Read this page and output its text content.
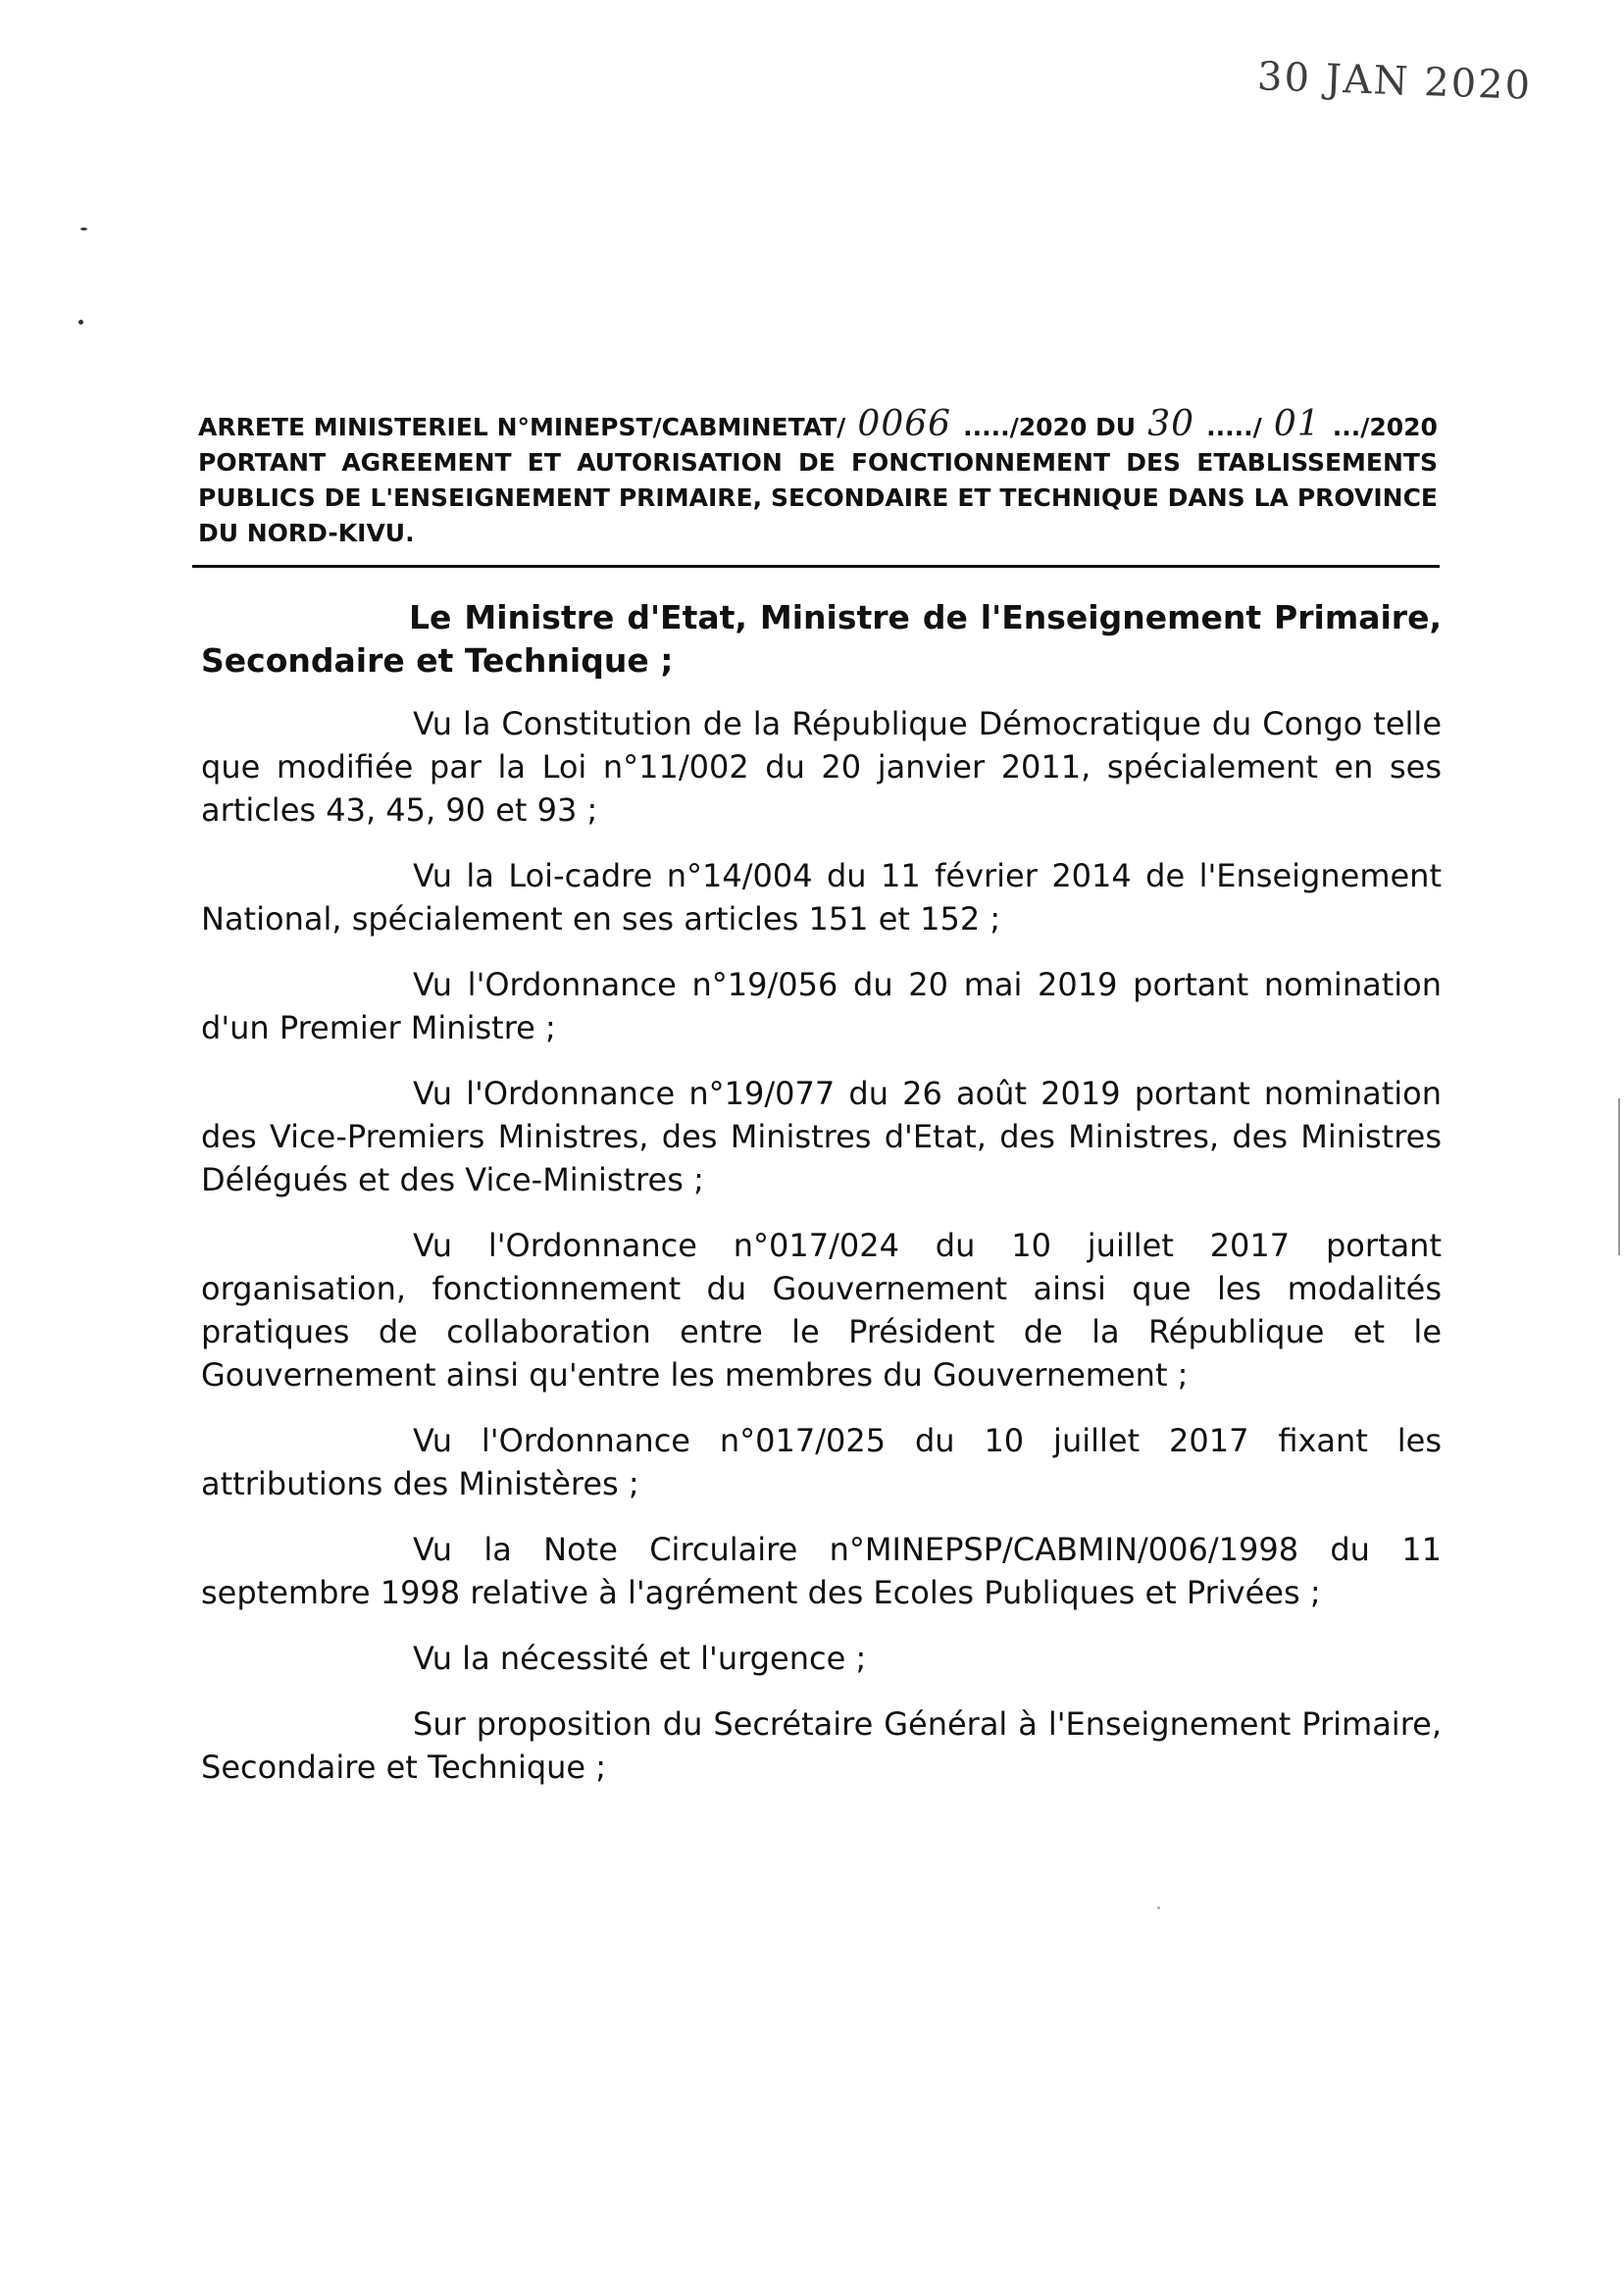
30 JAN 2020
ARRETE MINISTERIEL N°MINEPST/CABMINETAT/ 0066 ...../2020 DU 30 ...../ 01 .../2020
PORTANT AGREEMENT ET AUTORISATION DE FONCTIONNEMENT DES ETABLISSEMENTS PUBLICS DE L'ENSEIGNEMENT PRIMAIRE, SECONDAIRE ET TECHNIQUE DANS LA PROVINCE DU NORD-KIVU.

Le Ministre d'Etat, Ministre de l'Enseignement Primaire, Secondaire et Technique ;

Vu la Constitution de la République Démocratique du Congo telle que modifiée par la Loi n°11/002 du 20 janvier 2011, spécialement en ses articles 43, 45, 90 et 93 ;

Vu la Loi-cadre n°14/004 du 11 février 2014 de l'Enseignement National, spécialement en ses articles 151 et 152 ;

Vu l'Ordonnance n°19/056 du 20 mai 2019 portant nomination d'un Premier Ministre ;

Vu l'Ordonnance n°19/077 du 26 août 2019 portant nomination des Vice-Premiers Ministres, des Ministres d'Etat, des Ministres, des Ministres Délégués et des Vice-Ministres ;

Vu l'Ordonnance n°017/024 du 10 juillet 2017 portant organisation, fonctionnement du Gouvernement ainsi que les modalités pratiques de collaboration entre le Président de la République et le Gouvernement ainsi qu'entre les membres du Gouvernement ;

Vu l'Ordonnance n°017/025 du 10 juillet 2017 fixant les attributions des Ministères ;

Vu la Note Circulaire n°MINEPSP/CABMIN/006/1998 du 11 septembre 1998 relative à l'agrément des Ecoles Publiques et Privées ;

Vu la nécessité et l'urgence ;

Sur proposition du Secrétaire Général à l'Enseignement Primaire, Secondaire et Technique ;
